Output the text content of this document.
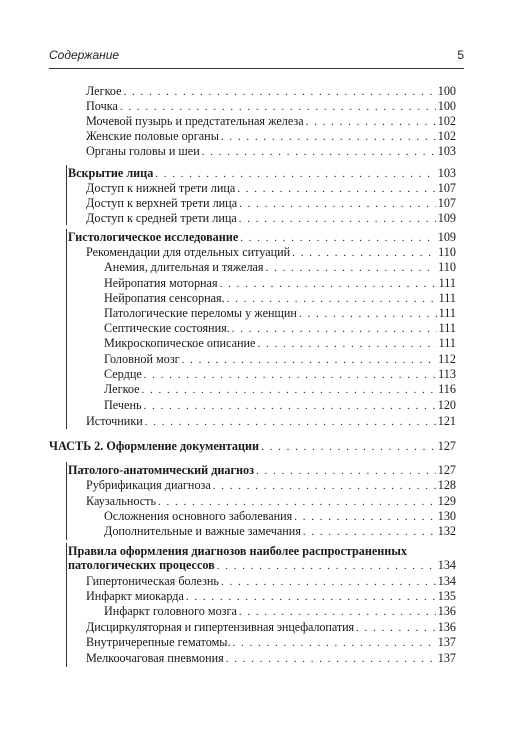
Содержание	5
Легкое . . .	100
Почка . . .	100
Мочевой пузырь и предстательная железа . . .	102
Женские половые органы . . .	102
Органы головы и шеи . . .	103
Вскрытие лица . . .	103
Доступ к нижней трети лица . . .	107
Доступ к верхней трети лица . . .	107
Доступ к средней трети лица . . .	109
Гистологическое исследование . . .	109
Рекомендации для отдельных ситуаций . . .	110
Анемия, длительная и тяжелая . . .	110
Нейропатия моторная . . .	111
Нейропатия сенсорная. . . .	111
Патологические переломы у женщин . . .	111
Септические состояния. . . .	111
Микроскопическое описание . . .	111
Головной мозг . . .	112
Сердце . . .	113
Легкое . . .	116
Печень . . .	120
Источники . . .	121
ЧАСТЬ 2. Оформление документации . . .	127
Патолого-анатомический диагноз . . .	127
Рубрификация диагноза . . .	128
Каузальность . . .	129
Осложнения основного заболевания . . .	130
Дополнительные и важные замечания . . .	132
Правила оформления диагнозов наиболее распространенных
патологических процессов . . .	134
Гипертоническая болезнь . . .	134
Инфаркт миокарда . . .	135
Инфаркт головного мозга . . .	136
Дисциркуляторная и гипертензивная энцефалопатия . . .	136
Внутричерепные гематомы. . . .	137
Мелкоочаговая пневмония . . .	137
